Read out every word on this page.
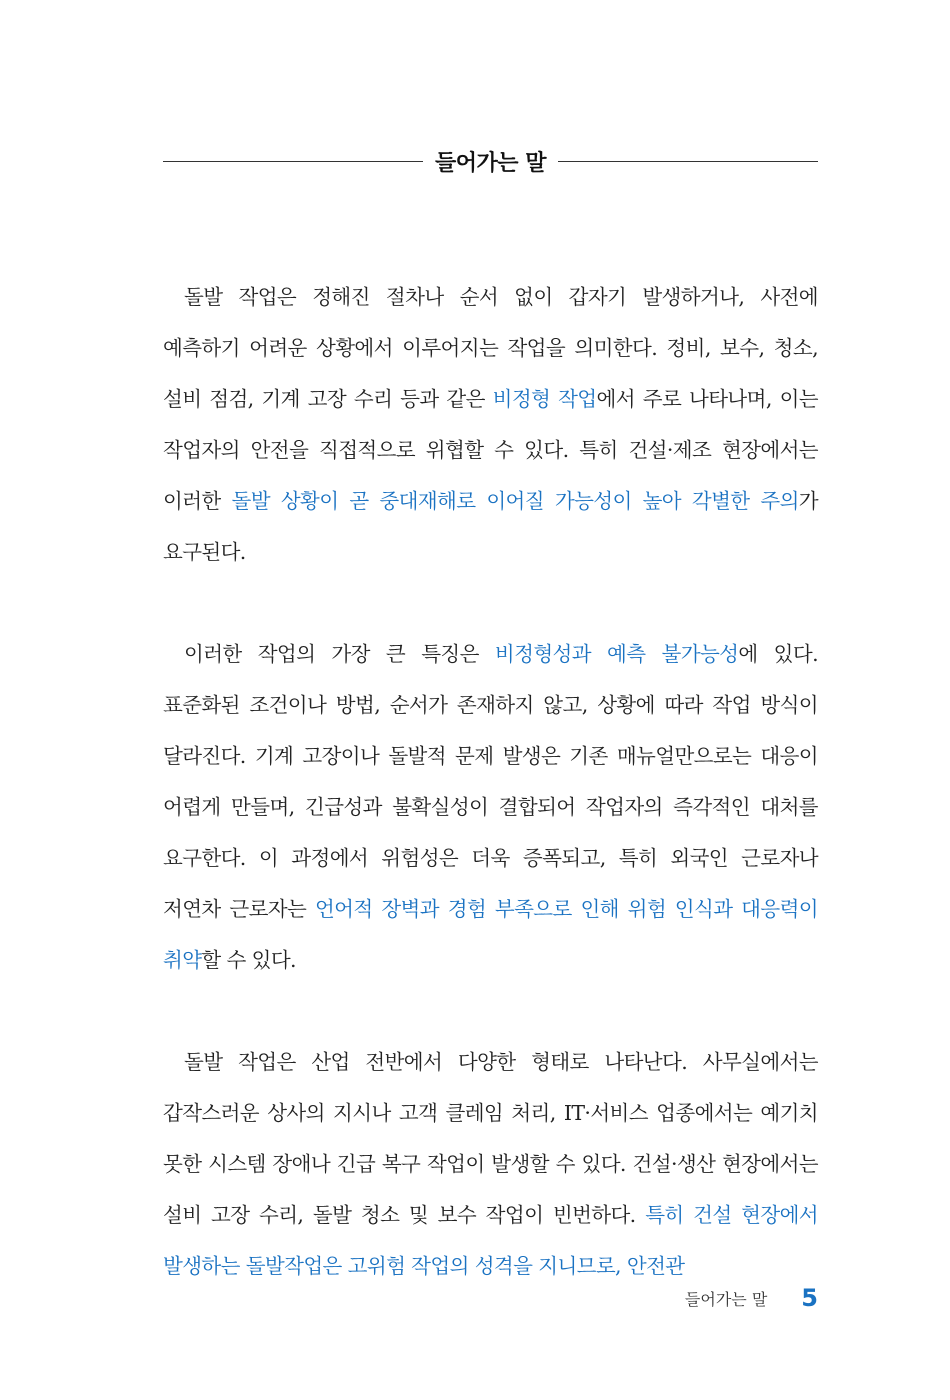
들어가는 말

돌발 작업은 정해진 절차나 순서 없이 갑자기 발생하거나, 사전에 예측하기 어려운 상황에서 이루어지는 작업을 의미한다. 정비, 보수, 청소, 설비 점검, 기계 고장 수리 등과 같은 비정형 작업에서 주로 나타나며, 이는 작업자의 안전을 직접적으로 위협할 수 있다. 특히 건설·제조 현장에서는 이러한 돌발 상황이 곧 중대재해로 이어질 가능성이 높아 각별한 주의가 요구된다.

이러한 작업의 가장 큰 특징은 비정형성과 예측 불가능성에 있다. 표준화된 조건이나 방법, 순서가 존재하지 않고, 상황에 따라 작업 방식이 달라진다. 기계 고장이나 돌발적 문제 발생은 기존 매뉴얼만으로는 대응이 어렵게 만들며, 긴급성과 불확실성이 결합되어 작업자의 즉각적인 대처를 요구한다. 이 과정에서 위험성은 더욱 증폭되고, 특히 외국인 근로자나 저연차 근로자는 언어적 장벽과 경험 부족으로 인해 위험 인식과 대응력이 취약할 수 있다.

돌발 작업은 산업 전반에서 다양한 형태로 나타난다. 사무실에서는 갑작스러운 상사의 지시나 고객 클레임 처리, IT·서비스 업종에서는 예기치 못한 시스템 장애나 긴급 복구 작업이 발생할 수 있다. 건설·생산 현장에서는 설비 고장 수리, 돌발 청소 및 보수 작업이 빈번하다. 특히 건설 현장에서 발생하는 돌발작업은 고위험 작업의 성격을 지니므로, 안전관

들어가는 말 5
